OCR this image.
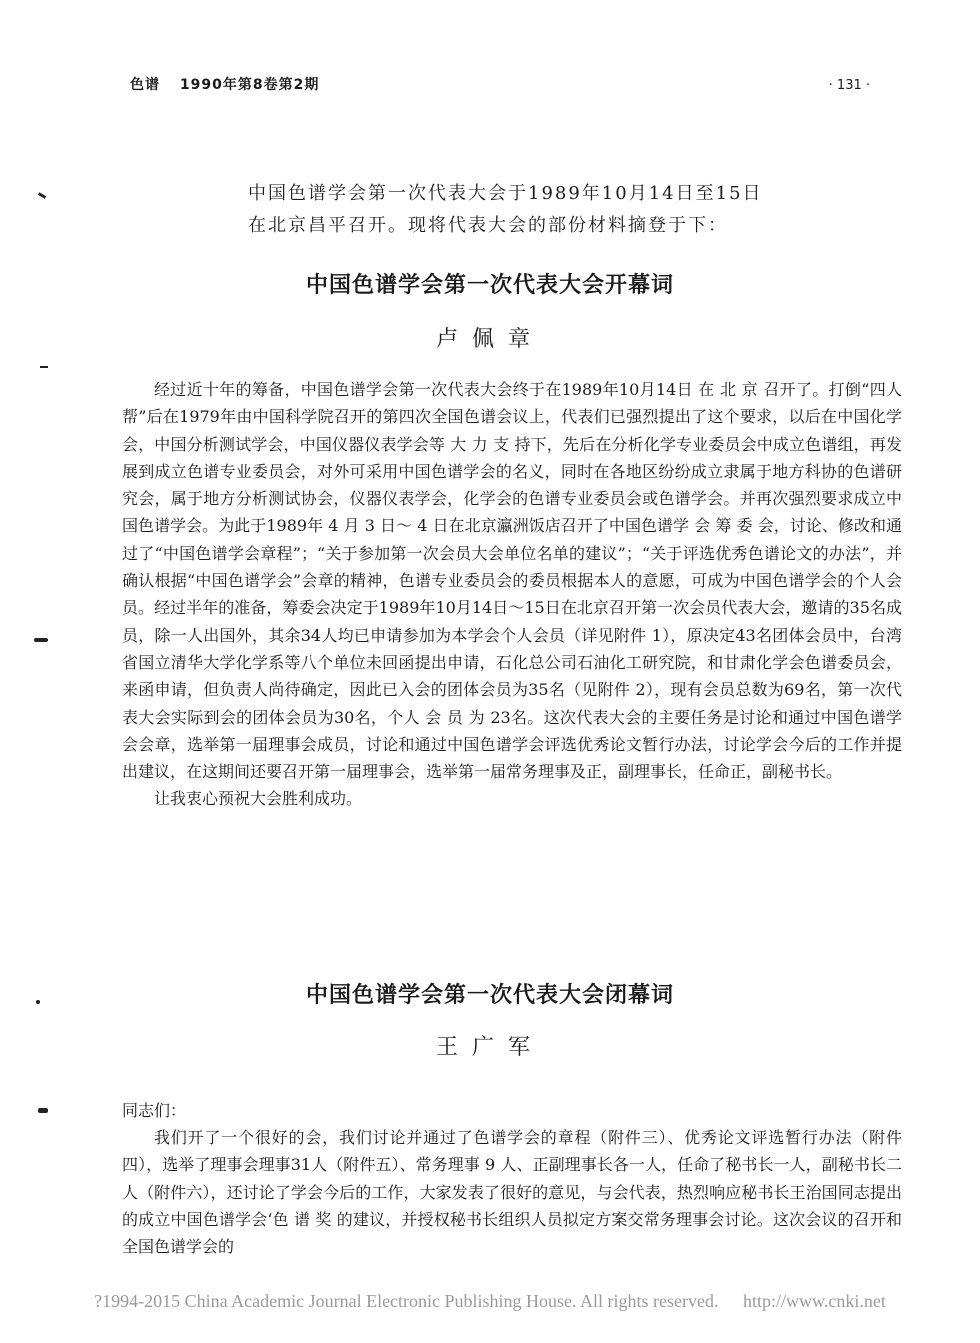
色谱 1990年第8卷第2期	· 131 ·
中国色谱学会第一次代表大会于1989年10月14日至15日
在北京昌平召开。现将代表大会的部份材料摘登于下：
中国色谱学会第一次代表大会开幕词
卢佩章

经过近十年的筹备，中国色谱学会第一次代表大会终于在1989年10月14日 在 北 京 召开了。打倒“四人帮”后在1979年由中国科学院召开的第四次全国色谱会议上，代表们已强烈提出了这个要求，以后在中国化学会，中国分析测试学会，中国仪器仪表学会等 大 力 支 持下，先后在分析化学专业委员会中成立色谱组，再发展到成立色谱专业委员会，对外可采用中国色谱学会的名义，同时在各地区纷纷成立隶属于地方科协的色谱研究会，属于地方分析测试协会，仪器仪表学会，化学会的色谱专业委员会或色谱学会。并再次强烈要求成立中国色谱学会。为此于1989年 4 月 3 日～ 4 日在北京瀛洲饭店召开了中国色谱学 会 筹 委 会，讨论、修改和通过了“中国色谱学会章程”；“关于参加第一次会员大会单位名单的建议”；“关于评选优秀色谱论文的办法”，并确认根据“中国色谱学会”会章的精神，色谱专业委员会的委员根据本人的意愿，可成为中国色谱学会的个人会员。经过半年的准备，筹委会决定于1989年10月14日～15日在北京召开第一次会员代表大会，邀请的35名成员，除一人出国外，其余34人均已申请参加为本学会个人会员（详见附件 1），原决定43名团体会员中，台湾省国立清华大学化学系等八个单位未回函提出申请，石化总公司石油化工研究院，和甘肃化学会色谱委员会，来函申请，但负责人尚待确定，因此已入会的团体会员为35名（见附件 2），现有会员总数为69名，第一次代表大会实际到会的团体会员为30名，个人 会 员 为 23名。这次代表大会的主要任务是讨论和通过中国色谱学会会章，选举第一届理事会成员，讨论和通过中国色谱学会评选优秀论文暂行办法，讨论学会今后的工作并提出建议，在这期间还要召开第一届理事会，选举第一届常务理事及正，副理事长，任命正，副秘书长。

让我衷心预祝大会胜利成功。

中国色谱学会第一次代表大会闭幕词
王广军
同志们：

我们开了一个很好的会，我们讨论并通过了色谱学会的章程（附件三）、优秀论文评选暂行办法（附件四），选举了理事会理事31人（附件五）、常务理事 9 人、正副理事长各一人，任命了秘书长一人，副秘书长二人（附件六），还讨论了学会今后的工作，大家发表了很好的意见，与会代表，热烈响应秘书长王治国同志提出的成立中国色谱学会‘色 谱 奖 的建议，并授权秘书长组织人员拟定方案交常务理事会讨论。这次会议的召开和全国色谱学会的

?1994-2015 China Academic Journal Electronic Publishing House. All rights reserved. http://www.cnki.net
